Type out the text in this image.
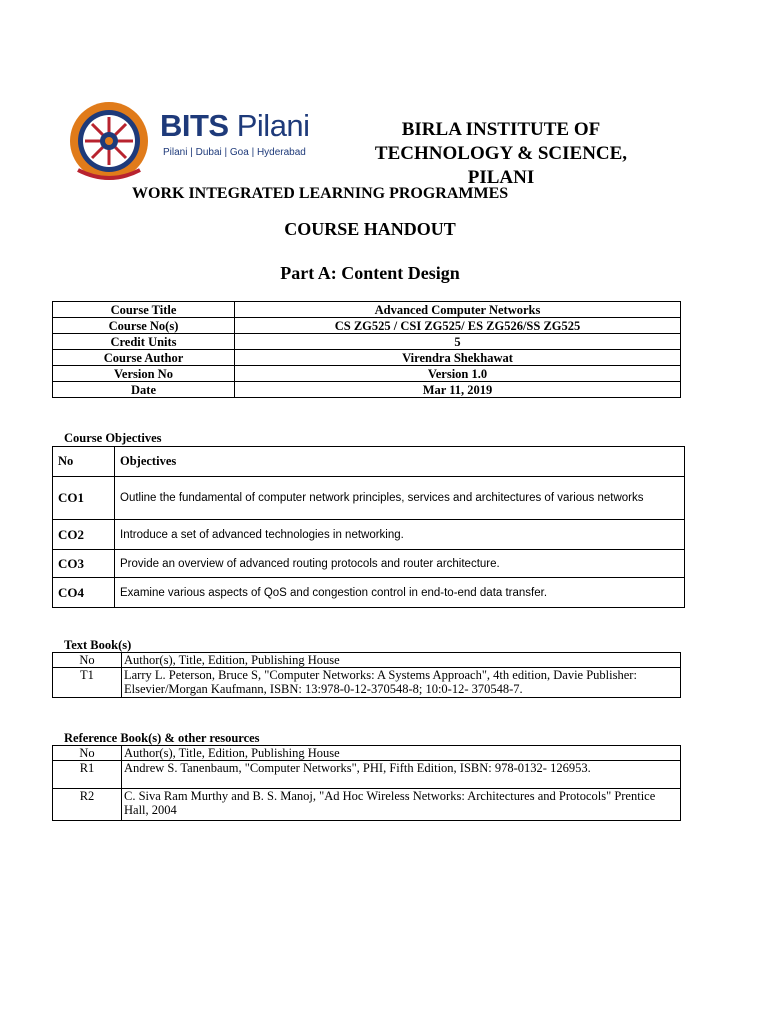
BITS Pilani
Pilani | Dubai | Goa | Hyderabad
BIRLA INSTITUTE OF
TECHNOLOGY & SCIENCE,
PILANI
WORK INTEGRATED LEARNING PROGRAMMES
COURSE HANDOUT
Part A: Content Design
Course Title	Advanced Computer Networks
Course No(s)	CS ZG525 / CSI ZG525/ ES ZG526/SS ZG525
Credit Units	5
Course Author	Virendra Shekhawat
Version No	Version 1.0
Date	Mar 11, 2019
Course Objectives
No	Objectives
CO1	Outline the fundamental of computer network principles, services and architectures of various networks
CO2	Introduce a set of advanced technologies in networking.
CO3	Provide an overview of advanced routing protocols and router architecture.
CO4	Examine various aspects of QoS and congestion control in end-to-end data transfer.
Text Book(s)
No	Author(s), Title, Edition, Publishing House
T1	Larry L. Peterson, Bruce S, "Computer Networks: A Systems Approach", 4th edition, Davie Publisher: Elsevier/Morgan Kaufmann, ISBN: 13:978-0-12-370548-8; 10:0-12- 370548-7.
Reference Book(s) & other resources
No	Author(s), Title, Edition, Publishing House
R1	Andrew S. Tanenbaum, "Computer Networks", PHI, Fifth Edition, ISBN: 978-0132- 126953.
R2	C. Siva Ram Murthy and B. S. Manoj, "Ad Hoc Wireless Networks: Architectures and Protocols" Prentice Hall, 2004
